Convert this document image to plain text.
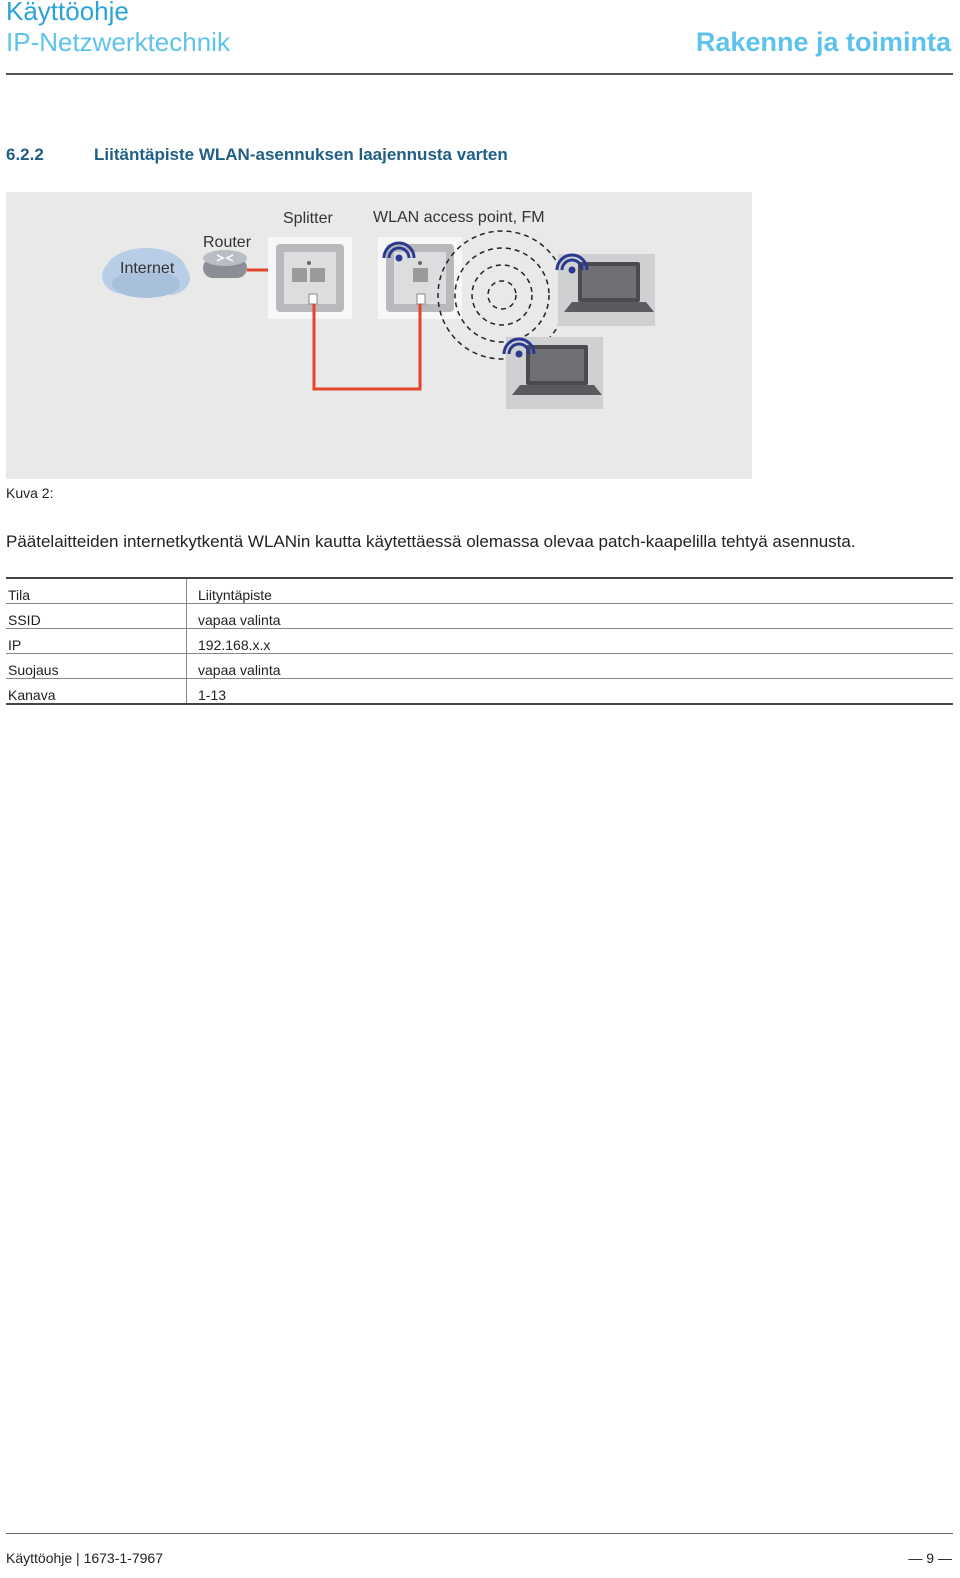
Käyttöohje
IP-Netzwerktechnik	Rakenne ja toiminta
6.2.2	Liitäntäpiste WLAN-asennuksen laajennusta varten
Internet
Router
Splitter	WLAN access point, FM
Kuva 2:
Päätelaitteiden internetkytkentä WLANin kautta käytettäessä olemassa olevaa patch-kaapelilla tehtyä asennusta.
Tila	Liityntäpiste
SSID	vapaa valinta
IP	192.168.x.x
Suojaus	vapaa valinta
Kanava	1-13
Käyttöohje | 1673-1-7967	— 9 —
